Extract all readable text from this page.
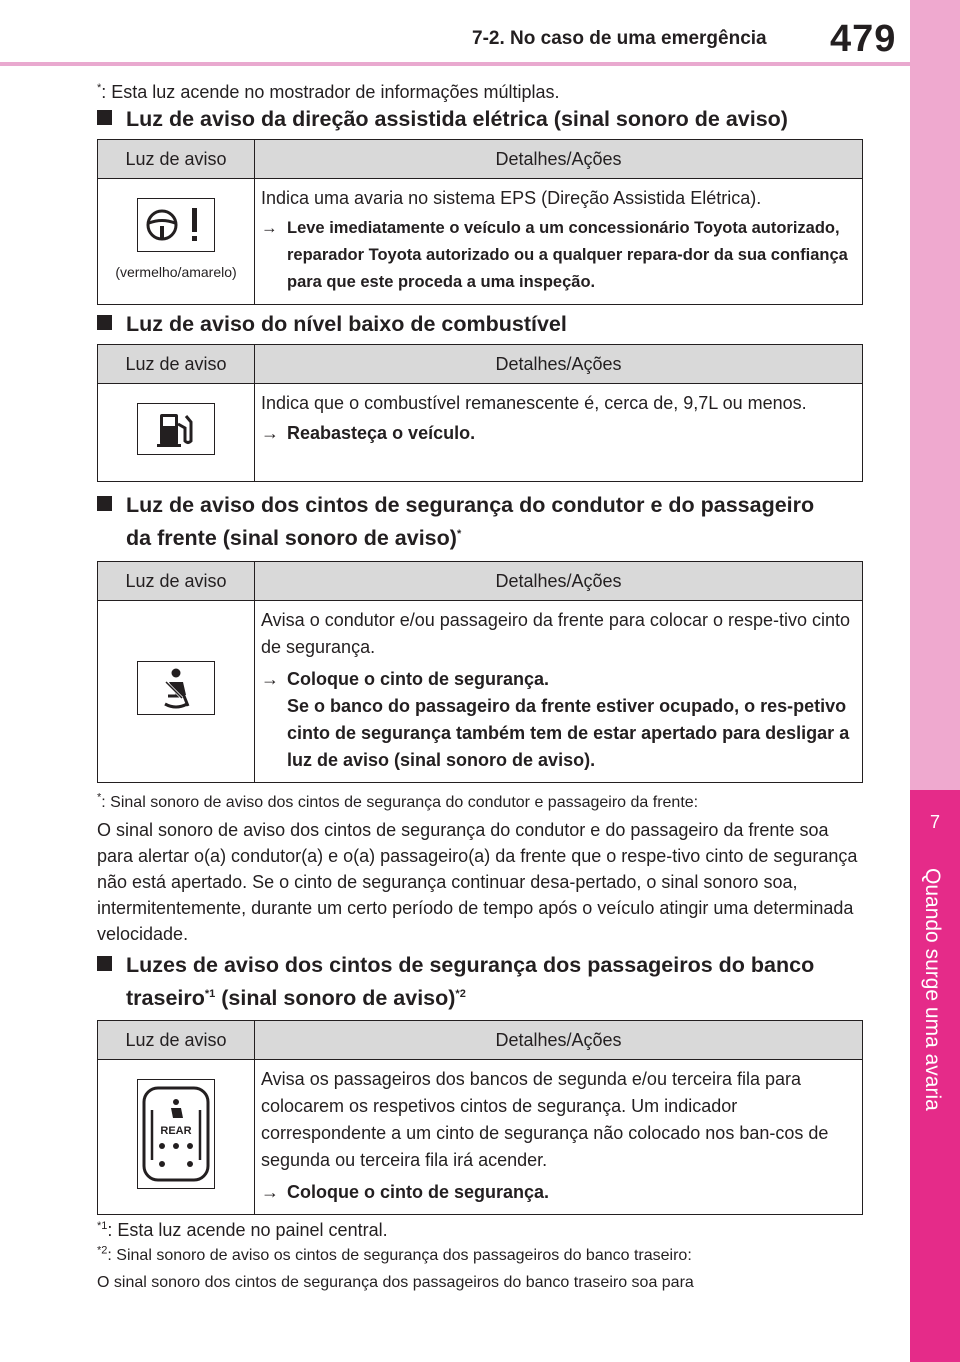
7-2. No caso de uma emergência 479
7
Quando surge uma avaria
*: Esta luz acende no mostrador de informações múltiplas.
Luz de aviso da direção assistida elétrica (sinal sonoro de aviso)
Luz de aviso	Detalhes/Ações

(vermelho/amarelo)	Indica uma avaria no sistema EPS (Direção Assistida Elétrica).
→ Leve imediatamente o veículo a um concessionário Toyota autorizado, reparador Toyota autorizado ou a qualquer repara-dor da sua confiança para que este proceda a uma inspeção.
Luz de aviso do nível baixo de combustível
Luz de aviso	Detalhes/Ações

Indica que o combustível remanescente é, cerca de, 9,7L ou menos.
→ Reabasteça o veículo.
Luz de aviso dos cintos de segurança do condutor e do passageiro
da frente (sinal sonoro de aviso)*
Luz de aviso	Detalhes/Ações

Avisa o condutor e/ou passageiro da frente para colocar o respe-tivo cinto de segurança.
→ Coloque o cinto de segurança.
Se o banco do passageiro da frente estiver ocupado, o res-petivo cinto de segurança também tem de estar apertado para desligar a luz de aviso (sinal sonoro de aviso).
*: Sinal sonoro de aviso dos cintos de segurança do condutor e passageiro da frente:
O sinal sonoro de aviso dos cintos de segurança do condutor e do passageiro da frente soa para alertar o(a) condutor(a) e o(a) passageiro(a) da frente que o respe-tivo cinto de segurança não está apertado. Se o cinto de segurança continuar desa-pertado, o sinal sonoro soa, intermitentemente, durante um certo período de tempo após o veículo atingir uma determinada velocidade.
Luzes de aviso dos cintos de segurança dos passageiros do banco
traseiro$^{*1}$ (sinal sonoro de aviso)$^{*2}$
Luz de aviso	Detalhes/Ações

REAR	Avisa os passageiros dos bancos de segunda e/ou terceira fila para colocarem os respetivos cintos de segurança. Um indicador correspondente a um cinto de segurança não colocado nos ban-cos de segunda ou terceira fila irá acender.
→ Coloque o cinto de segurança.
$^{*1}$: Esta luz acende no painel central.
$^{*2}$: Sinal sonoro de aviso os cintos de segurança dos passageiros do banco traseiro:
O sinal sonoro dos cintos de segurança dos passageiros do banco traseiro soa para
